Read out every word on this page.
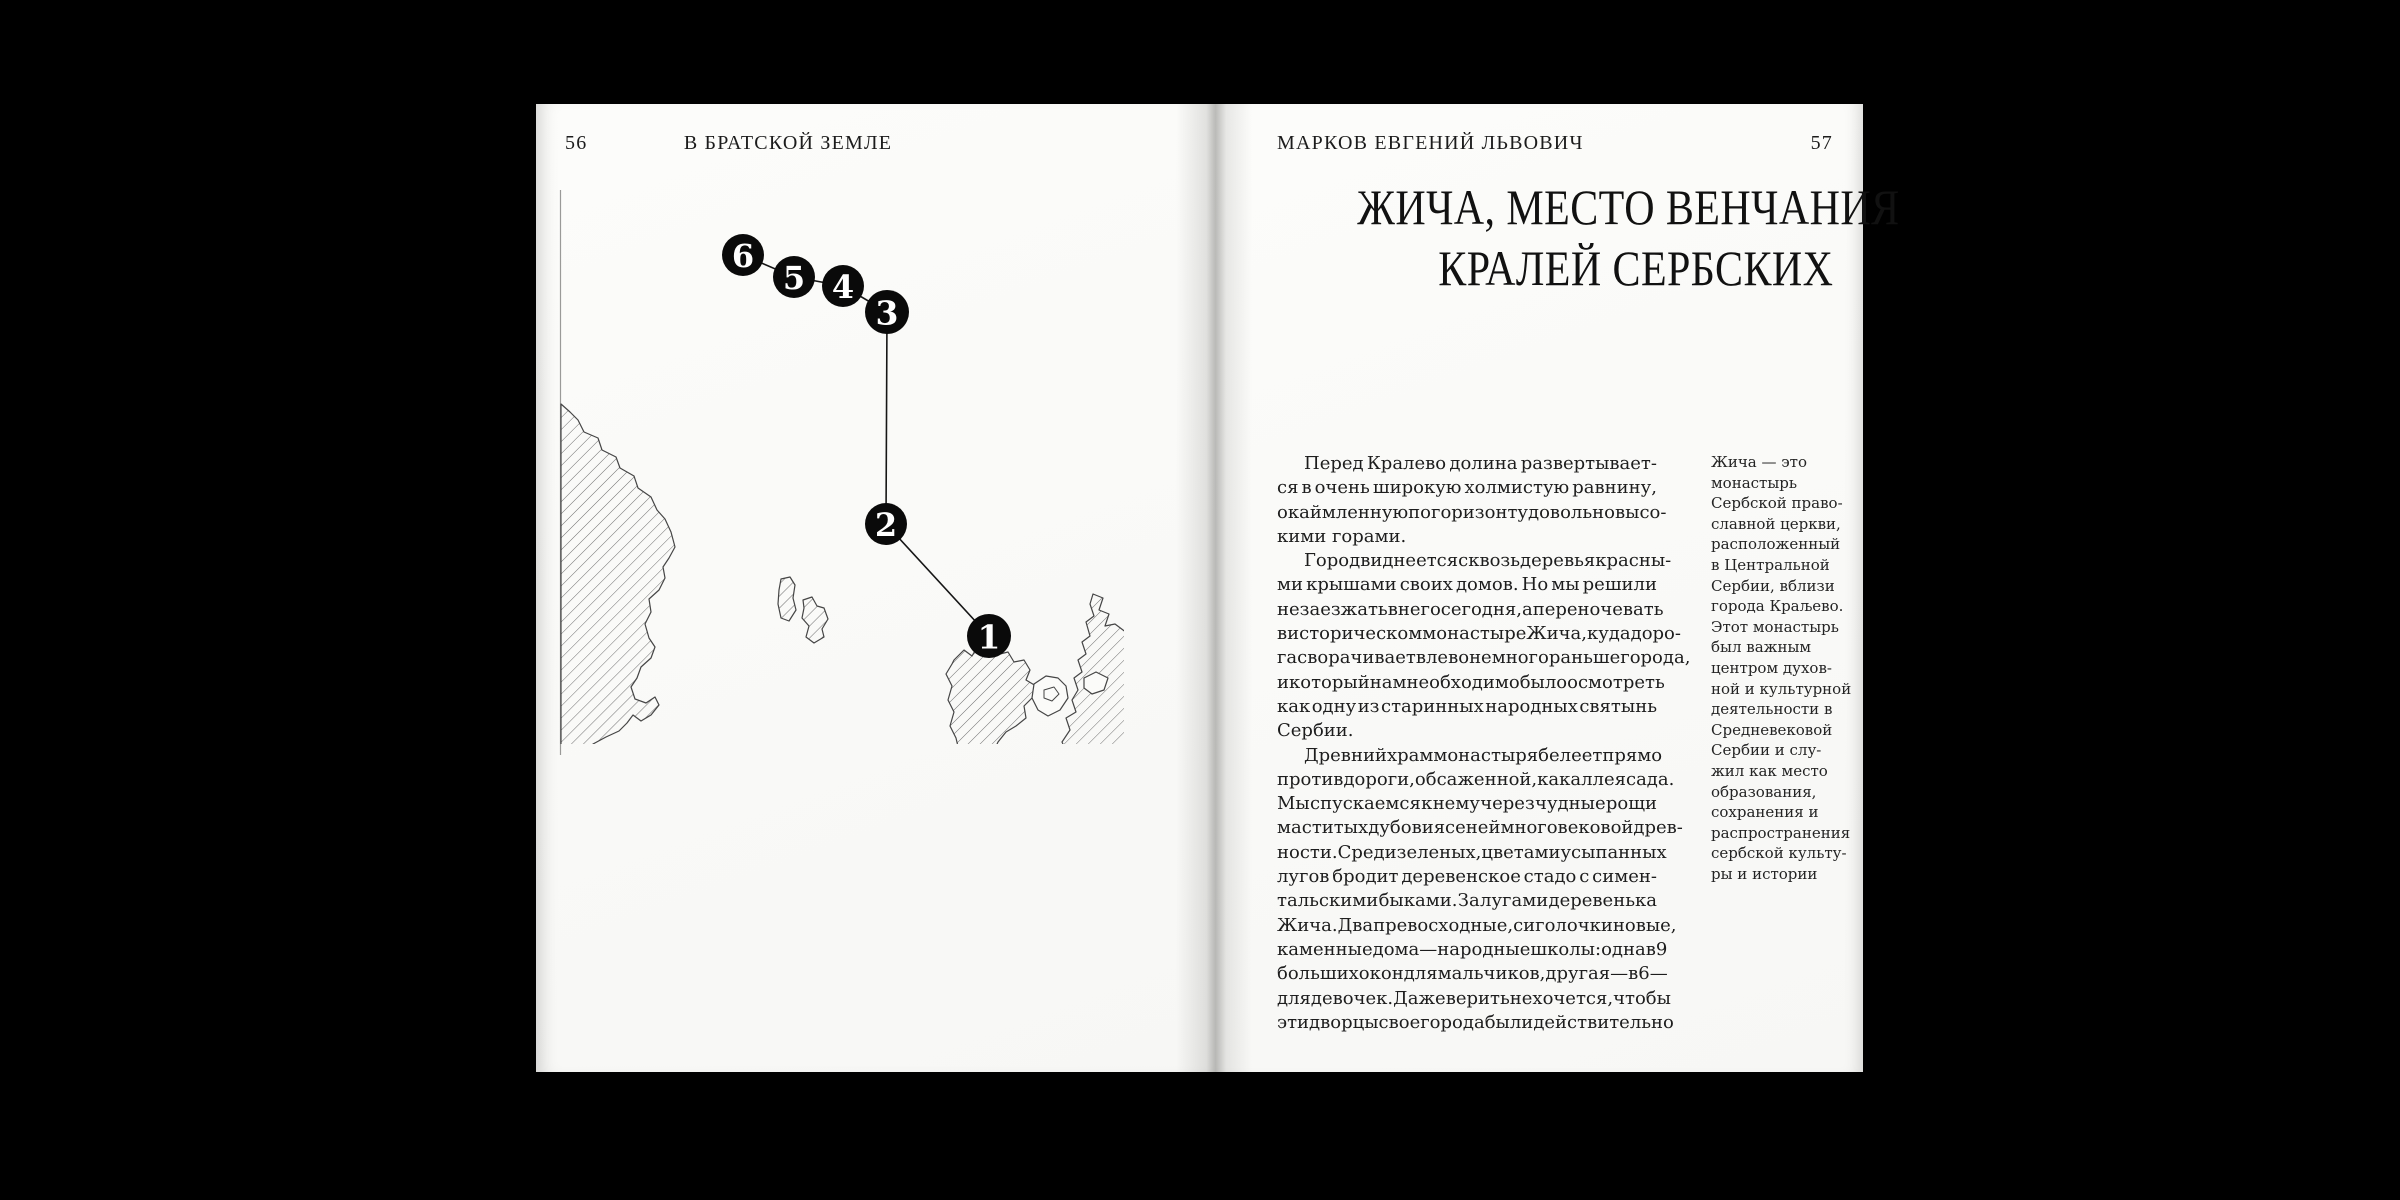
56	В БРАТСКОЙ ЗЕМЛЕ
6
5 4
3
2
1
МАРКОВ ЕВГЕНИЙ ЛЬВОВИЧ	57
ЖИЧА, МЕСТО ВЕНЧАНИЯ
КРАЛЕЙ СЕРБСКИХ
Перед Кралево долина развертывает-
ся в очень широкую холмистую равнину,
окаймленную по горизонту довольно высо-
кими горами.
Город виднеется сквозь деревья красны-
ми крышами своих домов. Но мы решили
не заезжать в него сегодня, а переночевать
в историческом монастыре Жича, куда доро-
га сворачивает влево немного раньше города,
и который нам необходимо было осмотреть
как одну из старинных народных святынь
Сербии.
Древний храм монастыря белеет прямо
против дороги, обсаженной, как аллея сада.
Мы спускаемся к нему через чудные рощи
маститых дубов и ясеней многовековой древ-
ности. Среди зеленых, цветами усыпанных
лугов бродит деревенское стадо с симен-
тальскими быками. За лугами деревенька
Жича. Два превосходные, с иголочки новые,
каменные дома — народные школы: одна в 9
больших окон для мальчиков, другая — в 6 —
для девочек. Даже верить не хочется, чтобы
эти дворцы своего рода были действительно
Жича — это
монастырь
Сербской право-
славной церкви,
расположенный
в Центральной
Сербии, вблизи
города Краљево.
Этот монастырь
был важным
центром духов-
ной и культурной
деятельности в
Средневековой
Сербии и слу-
жил как место
образования,
сохранения и
распространения
сербской культу-
ры и истории
